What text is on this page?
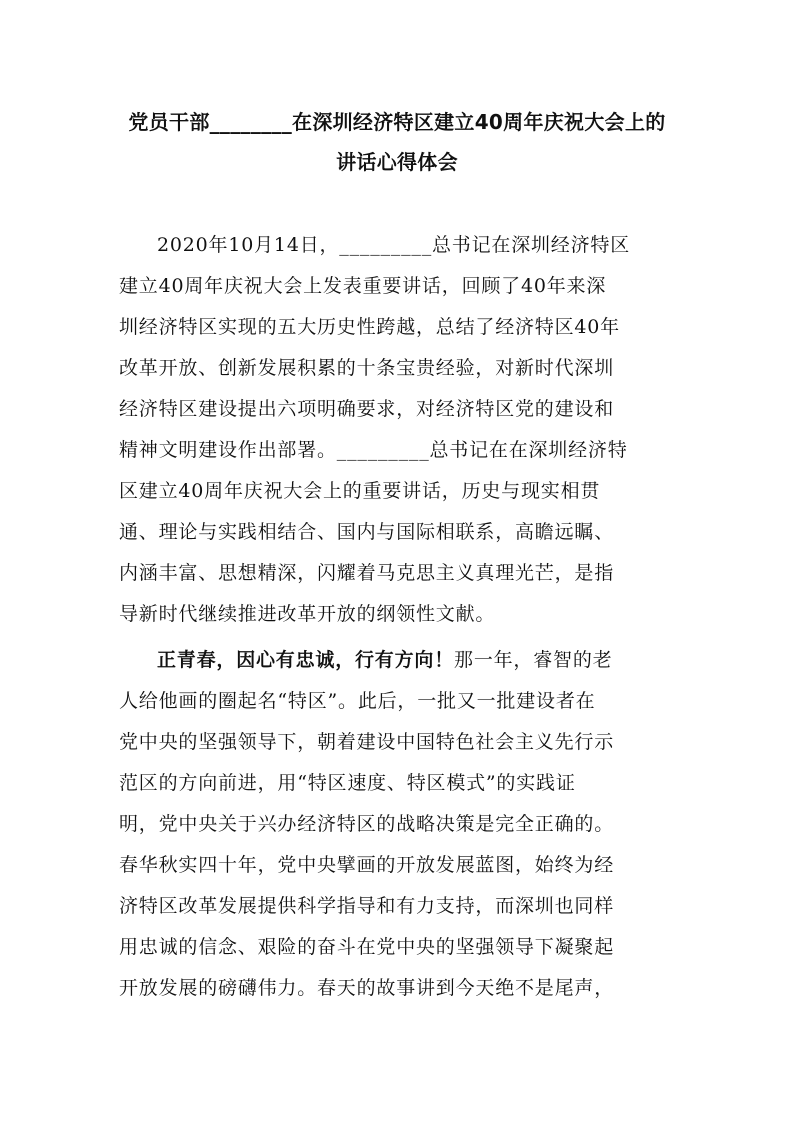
党员干部________在深圳经济特区建立40周年庆祝大会上的
讲话心得体会
2020年10月14日，_________总书记在深圳经济特区
建立40周年庆祝大会上发表重要讲话，回顾了40年来深
圳经济特区实现的五大历史性跨越，总结了经济特区40年
改革开放、创新发展积累的十条宝贵经验，对新时代深圳
经济特区建设提出六项明确要求，对经济特区党的建设和
精神文明建设作出部署。_________总书记在在深圳经济特
区建立40周年庆祝大会上的重要讲话，历史与现实相贯
通、理论与实践相结合、国内与国际相联系，高瞻远瞩、
内涵丰富、思想精深，闪耀着马克思主义真理光芒，是指
导新时代继续推进改革开放的纲领性文献。
正青春，因心有忠诚，行有方向！那一年，睿智的老
人给他画的圈起名“特区”。此后，一批又一批建设者在
党中央的坚强领导下，朝着建设中国特色社会主义先行示
范区的方向前进，用“特区速度、特区模式”的实践证
明，党中央关于兴办经济特区的战略决策是完全正确的。
春华秋实四十年，党中央擘画的开放发展蓝图，始终为经
济特区改革发展提供科学指导和有力支持，而深圳也同样
用忠诚的信念、艰险的奋斗在党中央的坚强领导下凝聚起
开放发展的磅礴伟力。春天的故事讲到今天绝不是尾声，
